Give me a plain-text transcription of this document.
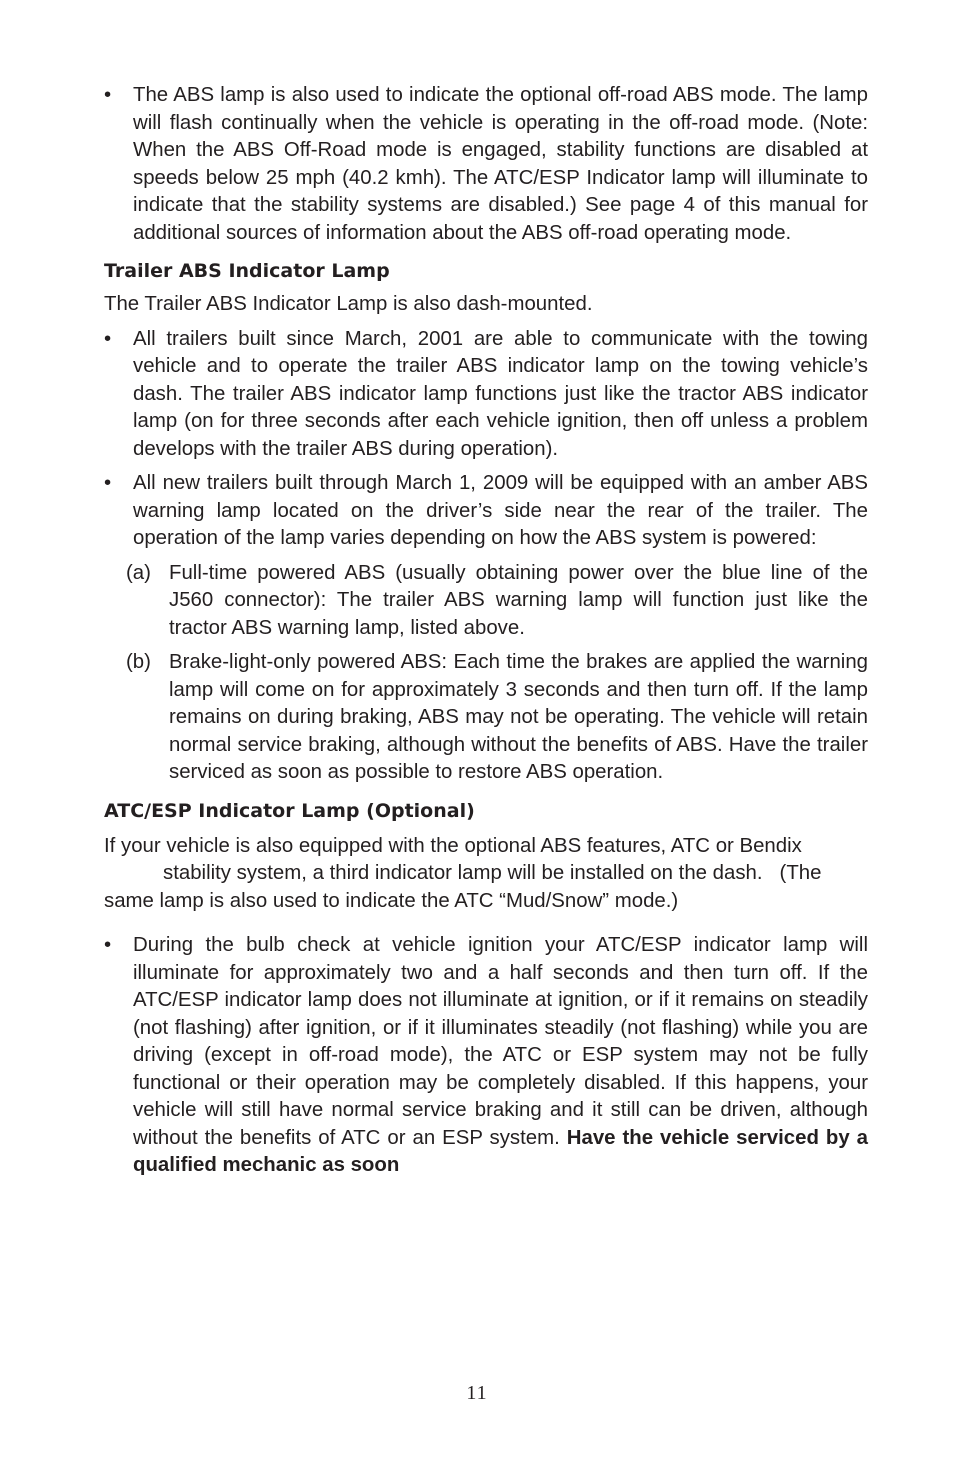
• The ABS lamp is also used to indicate the optional off-road ABS mode. The lamp will flash continually when the vehicle is operating in the off-road mode. (Note: When the ABS Off-Road mode is engaged, stability functions are disabled at speeds below 25 mph (40.2 kmh). The ATC/ESP Indicator lamp will illuminate to indicate that the stability systems are disabled.) See page 4 of this manual for additional sources of information about the ABS off-road operating mode.

Trailer ABS Indicator Lamp

The Trailer ABS Indicator Lamp is also dash-mounted.

• All trailers built since March, 2001 are able to communicate with the towing vehicle and to operate the trailer ABS indicator lamp on the towing vehicle’s dash. The trailer ABS indicator lamp functions just like the tractor ABS indicator lamp (on for three seconds after each vehicle ignition, then off unless a problem develops with the trailer ABS during operation).

• All new trailers built through March 1, 2009 will be equipped with an amber ABS warning lamp located on the driver’s side near the rear of the trailer. The operation of the lamp varies depending on how the ABS system is powered:

(a) Full-time powered ABS (usually obtaining power over the blue line of the J560 connector): The trailer ABS warning lamp will function just like the tractor ABS warning lamp, listed above.

(b) Brake-light-only powered ABS: Each time the brakes are applied the warning lamp will come on for approximately 3 seconds and then turn off. If the lamp remains on during braking, ABS may not be operating. The vehicle will retain normal service braking, although without the benefits of ABS. Have the trailer serviced as soon as possible to restore ABS operation.

ATC/ESP Indicator Lamp (Optional)

If your vehicle is also equipped with the optional ABS features, ATC or Bendix

stability system, a third indicator lamp will be installed on the dash.   (The

same lamp is also used to indicate the ATC “Mud/Snow” mode.)

• During the bulb check at vehicle ignition your ATC/ESP indicator lamp will illuminate for approximately two and a half seconds and then turn off. If the ATC/ESP indicator lamp does not illuminate at ignition, or if it remains on steadily (not flashing) after ignition, or if it illuminates steadily (not flashing) while you are driving (except in off-road mode), the ATC or ESP system may not be fully functional or their operation may be completely disabled. If this happens, your vehicle will still have normal service braking and it still can be driven, although without the benefits of ATC or an ESP system. Have the vehicle serviced by a qualified mechanic as soon

11
